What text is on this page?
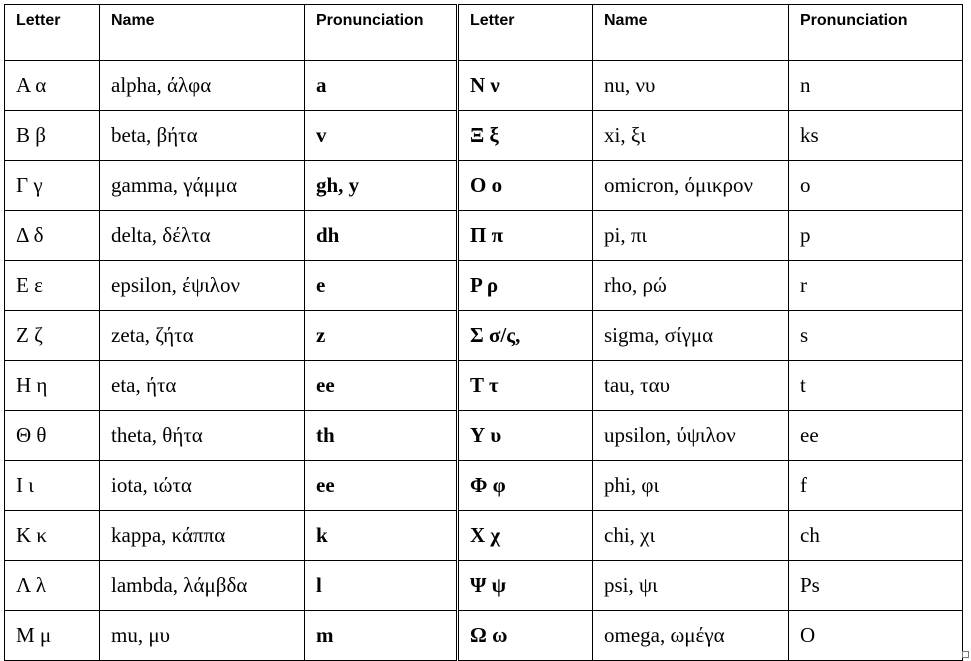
Letter	Name	Pronunciation	Letter	Name	Pronunciation
Α α	alpha, άλφα	a	Ν ν	nu, νυ	n
Β β	beta, βήτα	v	Ξ ξ	xi, ξι	ks
Γ γ	gamma, γάμμα	gh, y	Ο ο	omicron, όμικρον	o
Δ δ	delta, δέλτα	dh	Π π	pi, πι	p
Ε ε	epsilon, έψιλον	e	Ρ ρ	rho, ρώ	r
Ζ ζ	zeta, ζήτα	z	Σ σ/ς,	sigma, σίγμα	s
Η η	eta, ήτα	ee	Τ τ	tau, ταυ	t
Θ θ	theta, θήτα	th	Υ υ	upsilon, ύψιλον	ee
Ι ι	iota, ιώτα	ee	Φ φ	phi, φι	f
Κ κ	kappa, κάππα	k	Χ χ	chi, χι	ch
Λ λ	lambda, λάμβδα	l	Ψ ψ	psi, ψι	Ps
Μ μ	mu, μυ	m	Ω ω	omega, ωμέγα	O
